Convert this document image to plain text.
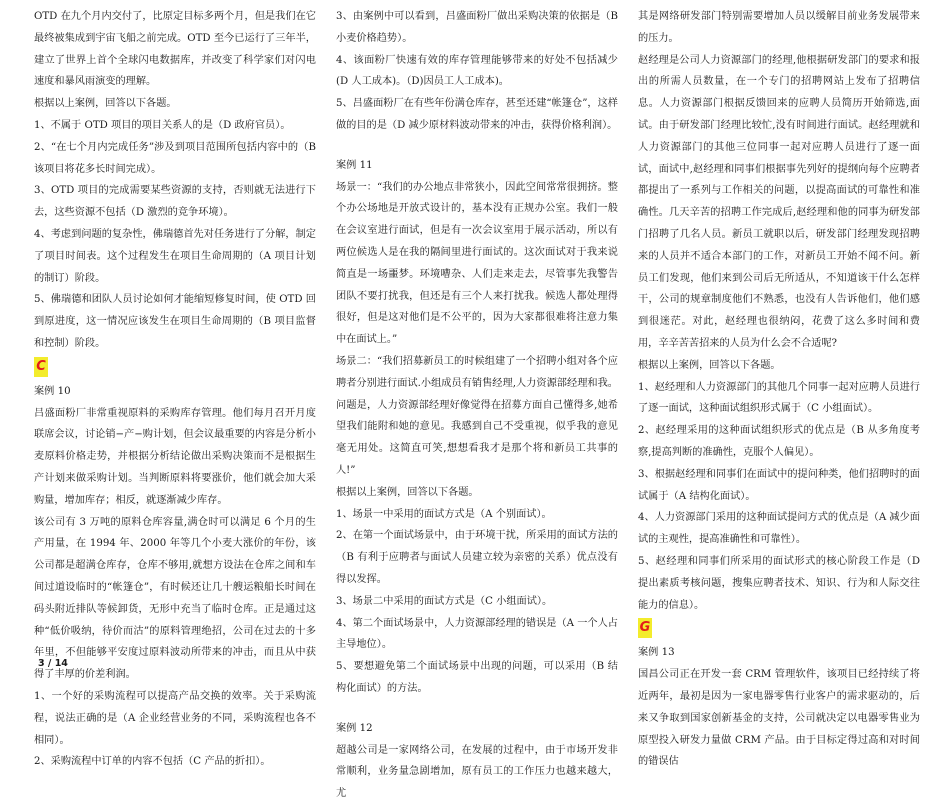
OTD 在九个月内交付了，比原定目标多两个月，但是我们在它最终被集成到宇宙飞船之前完成。OTD 至今已运行了三年半，建立了世界上首个全球闪电数据库，并改变了科学家们对闪电速度和暴风雨演变的理解。

根据以上案例，回答以下各题。

1、不属于 OTD 项目的项目关系人的是（D 政府官员）。

2、“在七个月内完成任务”涉及到项目范围所包括内容中的（B 该项目将花多长时间完成）。

3、OTD 项目的完成需要某些资源的支持，否则就无法进行下去，这些资源不包括（D 激烈的竞争环境）。

4、考虑到问题的复杂性，佛瑞德首先对任务进行了分解，制定了项目时间表。这个过程发生在项目生命周期的（A 项目计划的制订）阶段。

5、佛瑞德和团队人员讨论如何才能缩短修复时间，使 OTD 回到原进度，这一情况应该发生在项目生命周期的（B 项目监督和控制）阶段。

C

案例 10

吕盛面粉厂非常重视原料的采购库存管理。他们每月召开月度联席会议，讨论销−产−购计划，但会议最重要的内容是分析小麦原料价格走势，并根据分析结论做出采购决策而不是根据生产计划来做采购计划。当判断原料将要涨价，他们就会加大采购量，增加库存；相反，就逐渐减少库存。

该公司有 3 万吨的原料仓库容量,满仓时可以满足 6 个月的生产用量，在 1994 年、2000 年等几个小麦大涨价的年份，该公司都是超满仓库存，仓库不够用,就想方设法在仓库之间和车间过道设临时的“帐篷仓”，有时候还让几十艘运粮船长时间在码头附近排队等候卸货，无形中充当了临时仓库。正是通过这种“低价吸纳，待价而沽”的原料管理绝招，公司在过去的十多年里，不但能够平安度过原料波动所带来的冲击，而且从中获得了丰厚的价差利润。

1、一个好的采购流程可以提高产品交换的效率。关于采购流程，说法正确的是（A 企业经营业务的不同，采购流程也各不相同）。

2、采购流程中订单的内容不包括（C 产品的折扣）。

3、由案例中可以看到，吕盛面粉厂做出采购决策的依据是（B 小麦价格趋势）。

4、该面粉厂快速有效的库存管理能够带来的好处不包括减少(D 人工成本)。（D)因员工人工成本)。

5、吕盛面粉厂在有些年份满仓库存，甚至还建“帐篷仓”，这样做的目的是（D 减少原材料波动带来的冲击，获得价格利润）。

案例 11

场景一：“我们的办公地点非常狭小，因此空间常常很拥挤。整个办公场地是开放式设计的，基本没有正规办公室。我们一般在会议室进行面试，但是有一次会议室用于展示活动，所以有两位候选人是在我的隔间里进行面试的。这次面试对于我来说简直是一场噩梦。环境嘈杂、人们走来走去，尽管事先我警告团队不要打扰我，但还是有三个人来打扰我。候选人都处理得很好，但是这对他们是不公平的，因为大家都很难将注意力集中在面试上。”

场景二：“我们招募新员工的时候组建了一个招聘小组对各个应聘者分别进行面试.小组成员有销售经理,人力资源部经理和我。问题是，人力资源部经理好像觉得在招募方面自己懂得多,她希望我们能附和她的意见。我感到自己不受重视，似乎我的意见毫无用处。这简直可笑,想想看我才是那个将和新员工共事的人!”

根据以上案例，回答以下各题。

1、场景一中采用的面试方式是（A 个别面试）。

2、在第一个面试场景中，由于环境干扰，所采用的面试方法的（B 有利于应聘者与面试人员建立较为亲密的关系）优点没有得以发挥。

3、场景二中采用的面试方式是（C 小组面试）。

4、第二个面试场景中，人力资源部经理的错误是（A 一个人占主导地位）。

5、要想避免第二个面试场景中出现的问题，可以采用（B 结构化面试）的方法。

案例 12

超越公司是一家网络公司，在发展的过程中，由于市场开发非常顺利，业务量急剧增加，原有员工的工作压力也越来越大，尤

其是网络研发部门特别需要增加人员以缓解目前业务发展带来的压力。

赵经理是公司人力资源部门的经理,他根据研发部门的要求和报出的所需人员数量，在一个专门的招聘网站上发布了招聘信息。人力资源部门根据反馈回来的应聘人员简历开始筛选,面试。由于研发部门经理比较忙,没有时间进行面试。赵经理就和人力资源部门的其他三位同事一起对应聘人员进行了逐一面试，面试中,赵经理和同事们根据事先列好的提纲向每个应聘者都提出了一系列与工作相关的问题，以提高面试的可靠性和准确性。几天辛苦的招聘工作完成后,赵经理和他的同事为研发部门招聘了几名人员。新员工就职以后，研发部门经理发现招聘来的人员并不适合本部门的工作，对新员工开始不闻不问。新员工们发现，他们来到公司后无所适从，不知道该干什么怎样干，公司的规章制度他们不熟悉，也没有人告诉他们，他们感到很迷茫。对此，赵经理也很纳闷，花费了这么多时间和费用，辛辛苦苦招来的人员为什么会不合适呢?

根据以上案例，回答以下各题。

1、赵经理和人力资源部门的其他几个同事一起对应聘人员进行了逐一面试，这种面试组织形式属于（C 小组面试）。

2、赵经理采用的这种面试组织形式的优点是（B 从多角度考察,提高判断的准确性，克服个人偏见）。

3、根据赵经理和同事们在面试中的提问种类，他们招聘时的面试属于（A 结构化面试）。

4、人力资源部门采用的这种面试提问方式的优点是（A 减少面试的主观性，提高准确性和可靠性）。

5、赵经理和同事们所采用的面试形式的核心阶段工作是（D 提出素质考核问题，搜集应聘者技术、知识、行为和人际交往能力的信息）。

G

案例 13

国昌公司正在开发一套 CRM 管理软件，该项目已经持续了将近两年，最初是因为一家电器零售行业客户的需求驱动的，后来又争取到国家创新基金的支持，公司就决定以电器零售业为原型投入研发力量做 CRM 产品。由于目标定得过高和对时间的错误估

3 / 14
